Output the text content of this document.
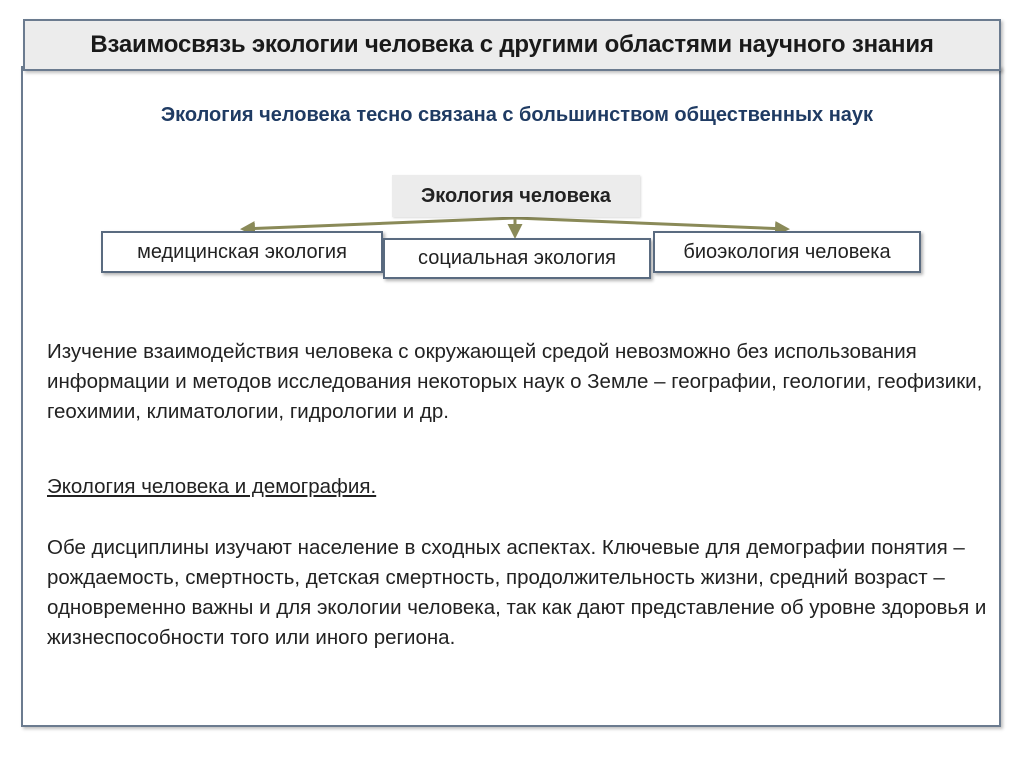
Взаимосвязь экологии человека с другими областями научного знания
Экология человека тесно связана с большинством общественных наук
Экология человека
медицинская экология	социальная экология	биоэкология человека
Изучение взаимодействия человека с окружающей средой невозможно без использования информации и методов исследования некоторых наук о Земле – географии, геологии, геофизики, геохимии, климатологии, гидрологии и др.
Экология человека и демография.
Обе дисциплины изучают население в сходных аспектах. Ключевые для демографии понятия – рождаемость, смертность, детская смертность, продолжительность жизни, средний возраст – одновременно важны и для экологии человека, так как дают представление об уровне здоровья и жизнеспособности того или иного региона.
